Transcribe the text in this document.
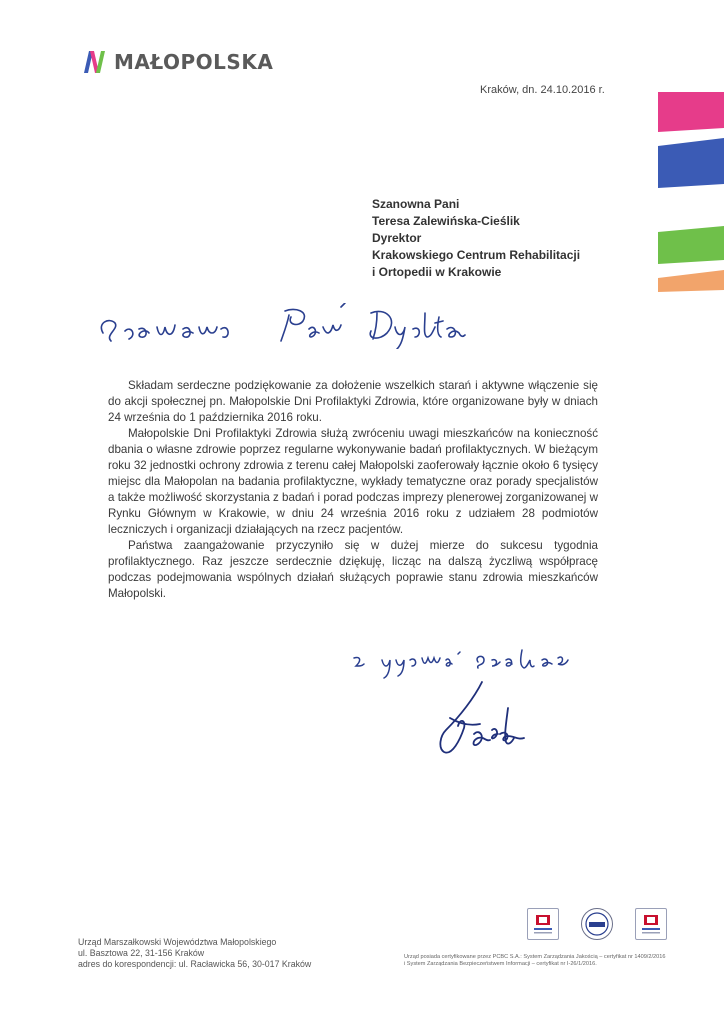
MAŁOPOLSKA
Kraków, dn. 24.10.2016 r.
Szanowna Pani
Teresa Zalewińska-Cieślik
Dyrektor
Krakowskiego Centrum Rehabilitacji
i Ortopedii w Krakowie

Składam serdeczne podziękowanie za dołożenie wszelkich starań i aktywne włączenie się do akcji społecznej pn. Małopolskie Dni Profilaktyki Zdrowia, które organizowane były w dniach 24 września do 1 października 2016 roku.

Małopolskie Dni Profilaktyki Zdrowia służą zwróceniu uwagi mieszkańców na konieczność dbania o własne zdrowie poprzez regularne wykonywanie badań profilaktycznych. W bieżącym roku 32 jednostki ochrony zdrowia z terenu całej Małopolski zaoferowały łącznie około 6 tysięcy miejsc dla Małopolan na badania profilaktyczne, wykłady tematyczne oraz porady specjalistów a także możliwość skorzystania z badań i porad podczas imprezy plenerowej zorganizowanej w Rynku Głównym w Krakowie, w dniu 24 września 2016 roku z udziałem 28 podmiotów leczniczych i organizacji działających na rzecz pacjentów.

Państwa zaangażowanie przyczyniło się w dużej mierze do sukcesu tygodnia profilaktycznego. Raz jeszcze serdecznie dziękuję, licząc na dalszą życzliwą współpracę podczas podejmowania wspólnych działań służących poprawie stanu zdrowia mieszkańców Małopolski.

Urząd Marszałkowski Województwa Małopolskiego
ul. Basztowa 22, 31-156 Kraków
adres do korespondencji: ul. Racławicka 56, 30-017 Kraków
Urząd posiada certyfikowane przez PCBC S.A.: System Zarządzania Jakością – certyfikat nr 1409/2/2016
i System Zarządzania Bezpieczeństwem Informacji – certyfikat nr I-26/1/2016.
